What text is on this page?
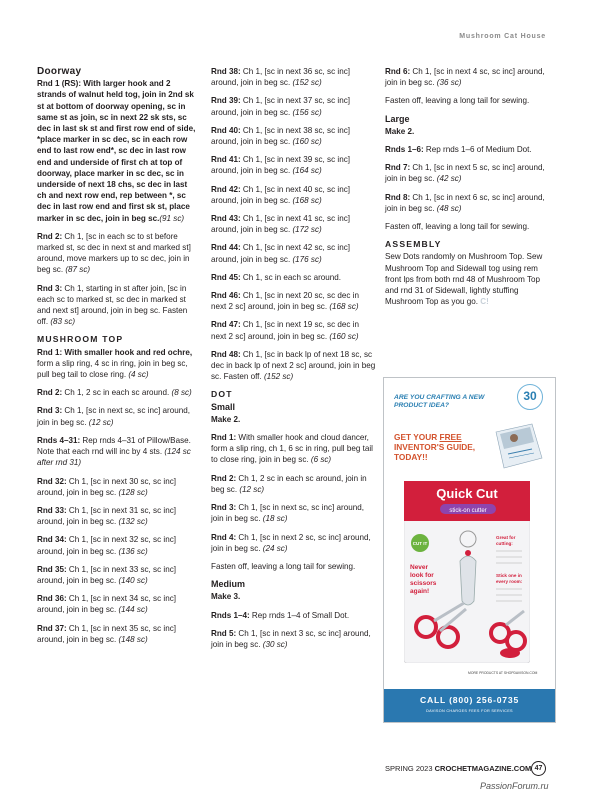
Mushroom Cat House
Doorway
Rnd 1 (RS): With larger hook and 2 strands of walnut held tog, join in 2nd sk st at bottom of doorway opening, sc in same st as join, sc in next 22 sk sts, sc dec in last sk st and first row end of side, *place marker in sc dec, sc in each row end to last row end*, sc dec in last row end and underside of first ch at top of doorway, place marker in sc dec, sc in underside of next 18 chs, sc dec in last ch and next row end, rep between *, sc dec in last row end and first sk st, place marker in sc dec, join in beg sc.(91 sc)
Rnd 2: Ch 1, [sc in each sc to st before marked st, sc dec in next st and marked st] around, move markers up to sc dec, join in beg sc. (87 sc)
Rnd 3: Ch 1, starting in st after join, [sc in each sc to marked st, sc dec in marked st and next st] around, join in beg sc. Fasten off. (83 sc)
MUSHROOM TOP
Rnd 1: With smaller hook and red ochre, form a slip ring, 4 sc in ring, join in beg sc, pull beg tail to close ring. (4 sc)
Rnd 2: Ch 1, 2 sc in each sc around. (8 sc)
Rnd 3: Ch 1, [sc in next sc, sc inc] around, join in beg sc. (12 sc)
Rnds 4–31: Rep rnds 4–31 of Pillow/Base. Note that each rnd will inc by 4 sts. (124 sc after rnd 31)
Rnd 32: Ch 1, [sc in next 30 sc, sc inc] around, join in beg sc. (128 sc)
Rnd 33: Ch 1, [sc in next 31 sc, sc inc] around, join in beg sc. (132 sc)
Rnd 34: Ch 1, [sc in next 32 sc, sc inc] around, join in beg sc. (136 sc)
Rnd 35: Ch 1, [sc in next 33 sc, sc inc] around, join in beg sc. (140 sc)
Rnd 36: Ch 1, [sc in next 34 sc, sc inc] around, join in beg sc. (144 sc)
Rnd 37: Ch 1, [sc in next 35 sc, sc inc] around, join in beg sc. (148 sc)
Rnd 38: Ch 1, [sc in next 36 sc, sc inc] around, join in beg sc. (152 sc)
Rnd 39: Ch 1, [sc in next 37 sc, sc inc] around, join in beg sc. (156 sc)
Rnd 40: Ch 1, [sc in next 38 sc, sc inc] around, join in beg sc. (160 sc)
Rnd 41: Ch 1, [sc in next 39 sc, sc inc] around, join in beg sc. (164 sc)
Rnd 42: Ch 1, [sc in next 40 sc, sc inc] around, join in beg sc. (168 sc)
Rnd 43: Ch 1, [sc in next 41 sc, sc inc] around, join in beg sc. (172 sc)
Rnd 44: Ch 1, [sc in next 42 sc, sc inc] around, join in beg sc. (176 sc)
Rnd 45: Ch 1, sc in each sc around.
Rnd 46: Ch 1, [sc in next 20 sc, sc dec in next 2 sc] around, join in beg sc. (168 sc)
Rnd 47: Ch 1, [sc in next 19 sc, sc dec in next 2 sc] around, join in beg sc. (160 sc)
Rnd 48: Ch 1, [sc in back lp of next 18 sc, sc dec in back lp of next 2 sc] around, join in beg sc. Fasten off. (152 sc)
DOT
Small
Make 2.
Rnd 1: With smaller hook and cloud dancer, form a slip ring, ch 1, 6 sc in ring, pull beg tail to close ring, join in beg sc. (6 sc)
Rnd 2: Ch 1, 2 sc in each sc around, join in beg sc. (12 sc)
Rnd 3: Ch 1, [sc in next sc, sc inc] around, join in beg sc. (18 sc)
Rnd 4: Ch 1, [sc in next 2 sc, sc inc] around, join in beg sc. (24 sc)
Fasten off, leaving a long tail for sewing.
Medium
Make 3.
Rnds 1–4: Rep rnds 1–4 of Small Dot.
Rnd 5: Ch 1, [sc in next 3 sc, sc inc] around, join in beg sc. (30 sc)
Rnd 6: Ch 1, [sc in next 4 sc, sc inc] around, join in beg sc. (36 sc)
Fasten off, leaving a long tail for sewing.
Large
Make 2.
Rnds 1–6: Rep rnds 1–6 of Medium Dot.
Rnd 7: Ch 1, [sc in next 5 sc, sc inc] around, join in beg sc. (42 sc)
Rnd 8: Ch 1, [sc in next 6 sc, sc inc] around, join in beg sc. (48 sc)
Fasten off, leaving a long tail for sewing.
ASSEMBLY
Sew Dots randomly on Mushroom Top. Sew Mushroom Top and Sidewall tog using rem front lps from both rnd 48 of Mushroom Top and rnd 31 of Sidewall, lightly stuffing Mushroom Top as you go. C!
ARE YOU CRAFTING A NEW PRODUCT IDEA?
30
GET YOUR FREE INVENTOR'S GUIDE, TODAY!!
Quick Cut
stick-on cutter
CUT IT
Never
look for
scissors
again!
Great for
cutting:
Stick one in
every room:
MORE PRODUCTS AT SHOPDAVISON.COM
CALL (800) 256-0735
DAVISON CHARGES FEES FOR SERVICES
SPRING 2023 CROCHETMAGAZINE.COM 47
PassionForum.ru
